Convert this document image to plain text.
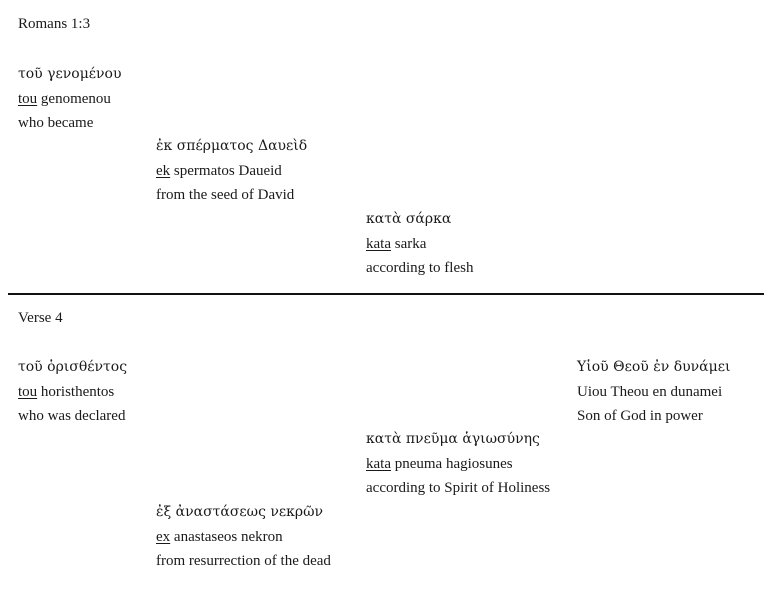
Romans 1:3
τοῦ γενομένου
tou genomenou
who became
ἐκ σπέρματος Δαυεὶδ
ek spermatos Daueid
from the seed of David
κατὰ σάρκα
kata sarka
according to flesh
Verse 4
τοῦ ὁρισθέντος
tou horisthentos
who was declared
Υἱοῦ Θεοῦ ἐν δυνάμει
Uiou Theou en dunamei
Son of God in power
κατὰ πνεῦμα ἁγιωσύνης
kata pneuma hagiosunes
according to Spirit of Holiness
ἐξ ἀναστάσεως νεκρῶν
ex anastaseos nekron
from resurrection of the dead
